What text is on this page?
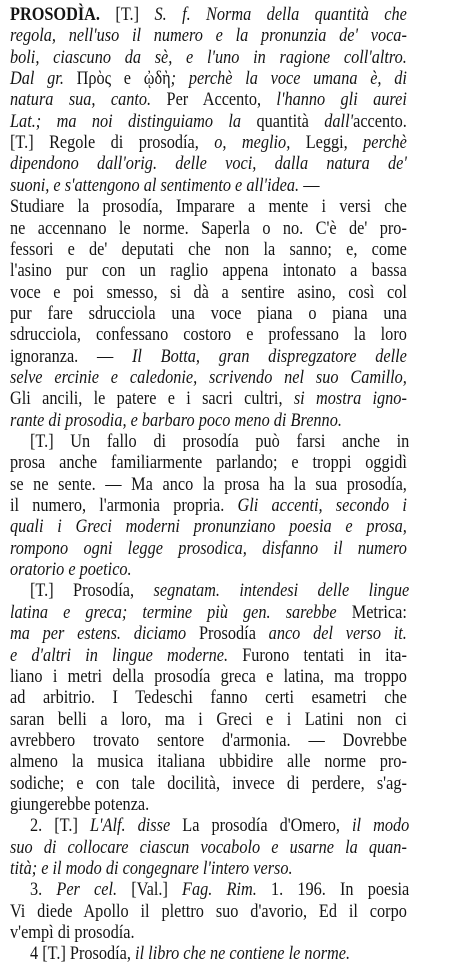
PROSODÌA. [T.] S. f. Norma della quantità che
regola, nell'uso il numero e la pronunzia de' voca-
boli, ciascuno da sè, e l'uno in ragione coll'altro.
Dal gr. Πρὸς e ᾠδὴ; perchè la voce umana è, di
natura sua, canto. Per Accento, l'hanno gli aurei
Lat.; ma noi distinguiamo la quantità dall'accento.
[T.] Regole di prosodía, o, meglio, Leggi, perchè
dipendono dall'orig. delle voci, dalla natura de'
suoni, e s'attengono al sentimento e all'idea. —
Studiare la prosodía, Imparare a mente i versi che
ne accennano le norme. Saperla o no. C'è de' pro-
fessori e de' deputati che non la sanno; e, come
l'asino pur con un raglio appena intonato a bassa
voce e poi smesso, si dà a sentire asino, così col
pur fare sdrucciola una voce piana o piana una
sdrucciola, confessano costoro e professano la loro
ignoranza. — Il Botta, gran dispregzatore delle
selve ercinie e caledonie, scrivendo nel suo Camillo,
Gli ancili, le patere e i sacri cultri, si mostra igno-
rante di prosodia, e barbaro poco meno di Brenno.
[T.] Un fallo di prosodía può farsi anche in
prosa anche familiarmente parlando; e troppi oggidì
se ne sente. — Ma anco la prosa ha la sua prosodía,
il numero, l'armonia propria. Gli accenti, secondo i
quali i Greci moderni pronunziano poesia e prosa,
rompono ogni legge prosodica, disfanno il numero
oratorio e poetico.
[T.] Prosodía, segnatam. intendesi delle lingue
latina e greca; termine più gen. sarebbe Metrica:
ma per estens. diciamo Prosodía anco del verso it.
e d'altri in lingue moderne. Furono tentati in ita-
liano i metri della prosodía greca e latina, ma troppo
ad arbitrio. I Tedeschi fanno certi esametri che
saran belli a loro, ma i Greci e i Latini non ci
avrebbero trovato sentore d'armonia. — Dovrebbe
almeno la musica italiana ubbidire alle norme pro-
sodiche; e con tale docilità, invece di perdere, s'ag-
giungerebbe potenza.
2. [T.] L'Alf. disse La prosodía d'Omero, il modo
suo di collocare ciascun vocabolo e usarne la quan-
tità; e il modo di congegnare l'intero verso.
3. Per cel. [Val.] Fag. Rim. 1. 196. In poesia
Vi diede Apollo il plettro suo d'avorio, Ed il corpo
v'empì di prosodía.
4 [T.] Prosodía, il libro che ne contiene le norme.
